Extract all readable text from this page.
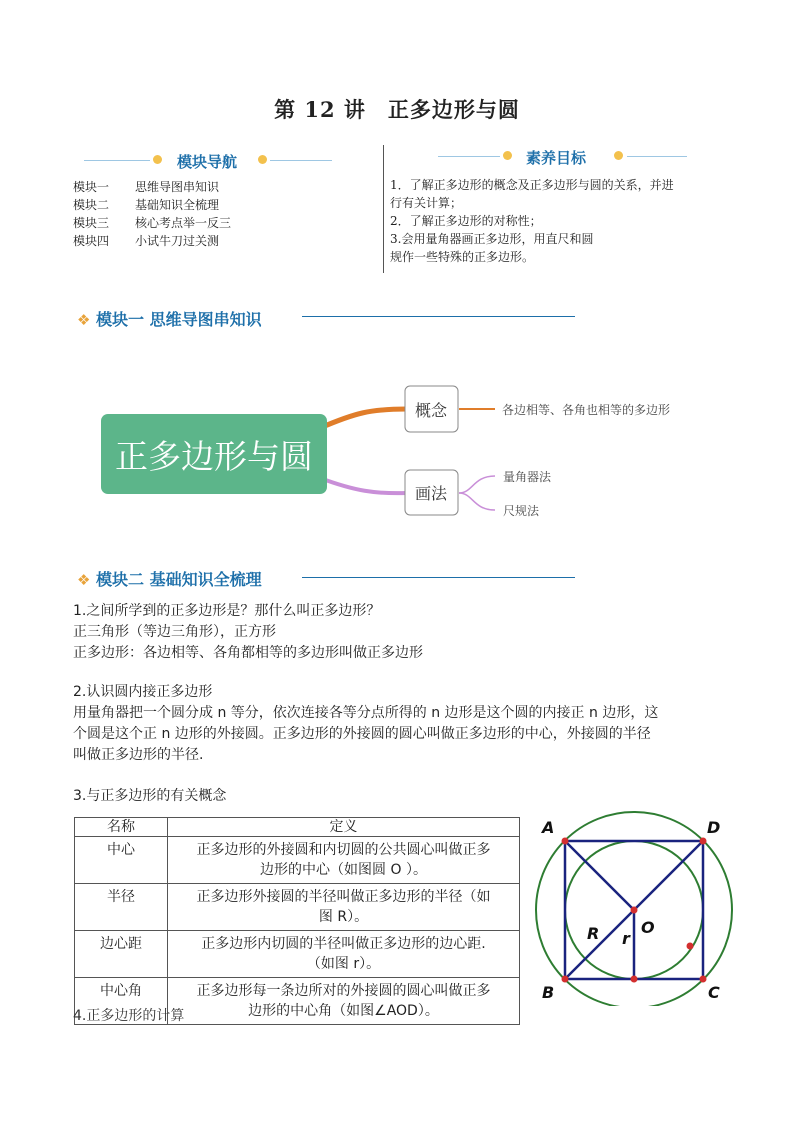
第 12 讲　正多边形与圆
模块导航
模块一 思维导图串知识
模块二 基础知识全梳理
模块三 核心考点举一反三
模块四 小试牛刀过关测
素养目标
1．了解正多边形的概念及正多边形与圆的关系，并进
行有关计算；
2．了解正多边形的对称性；
3.会用量角器画正多边形，用直尺和圆
规作一些特殊的正多边形。
❖ 模块一 思维导图串知识
正多边形与圆
概念	各边相等、各角也相等的多边形
画法
量角器法
尺规法
❖ 模块二 基础知识全梳理
1.之间所学到的正多边形是？那什么叫正多边形？
正三角形（等边三角形），正方形
正多边形：各边相等、各角都相等的多边形叫做正多边形
2.认识圆内接正多边形
用量角器把一个圆分成 n 等分，依次连接各等分点所得的 n 边形是这个圆的内接正 n 边形，这
个圆是这个正 n 边形的外接圆。正多边形的外接圆的圆心叫做正多边形的中心，外接圆的半径
叫做正多边形的半径.
3.与正多边形的有关概念
名称	定义
中心	正多边形的外接圆和内切圆的公共圆心叫做正多
边形的中心（如图圆 O ）。

半径	正多边形外接圆的半径叫做正多边形的半径（如
图 R）。

边心距	正多边形内切圆的半径叫做正多边形的边心距.
（如图 r）。

中心角	正多边形每一条边所对的外接圆的圆心叫做正多
边形的中心角（如图∠AOD）。
4.正多边形的计算
A	D
B	C
O
R r
